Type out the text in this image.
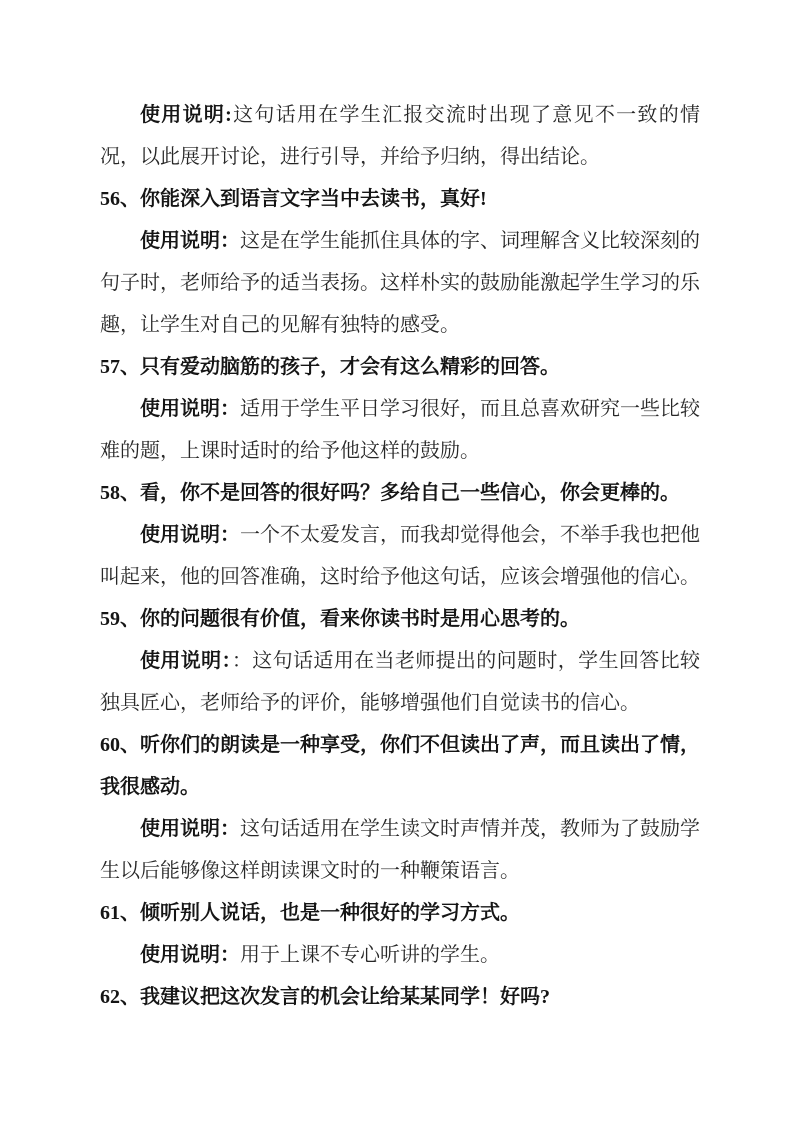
使用说明:这句话用在学生汇报交流时出现了意见不一致的情况，以此展开讨论，进行引导，并给予归纳，得出结论。

56、你能深入到语言文字当中去读书，真好!

使用说明：这是在学生能抓住具体的字、词理解含义比较深刻的句子时，老师给予的适当表扬。这样朴实的鼓励能激起学生学习的乐趣，让学生对自己的见解有独特的感受。

57、只有爱动脑筋的孩子，才会有这么精彩的回答。

使用说明：适用于学生平日学习很好，而且总喜欢研究一些比较难的题，上课时适时的给予他这样的鼓励。

58、看，你不是回答的很好吗？多给自己一些信心，你会更棒的。

使用说明：一个不太爱发言，而我却觉得他会，不举手我也把他叫起来，他的回答准确，这时给予他这句话，应该会增强他的信心。

59、你的问题很有价值，看来你读书时是用心思考的。

使用说明：：这句话适用在当老师提出的问题时，学生回答比较独具匠心，老师给予的评价，能够增强他们自觉读书的信心。

60、听你们的朗读是一种享受，你们不但读出了声，而且读出了情，我很感动。

使用说明：这句话适用在学生读文时声情并茂，教师为了鼓励学生以后能够像这样朗读课文时的一种鞭策语言。

61、倾听别人说话，也是一种很好的学习方式。

使用说明：用于上课不专心听讲的学生。

62、我建议把这次发言的机会让给某某同学！好吗?
